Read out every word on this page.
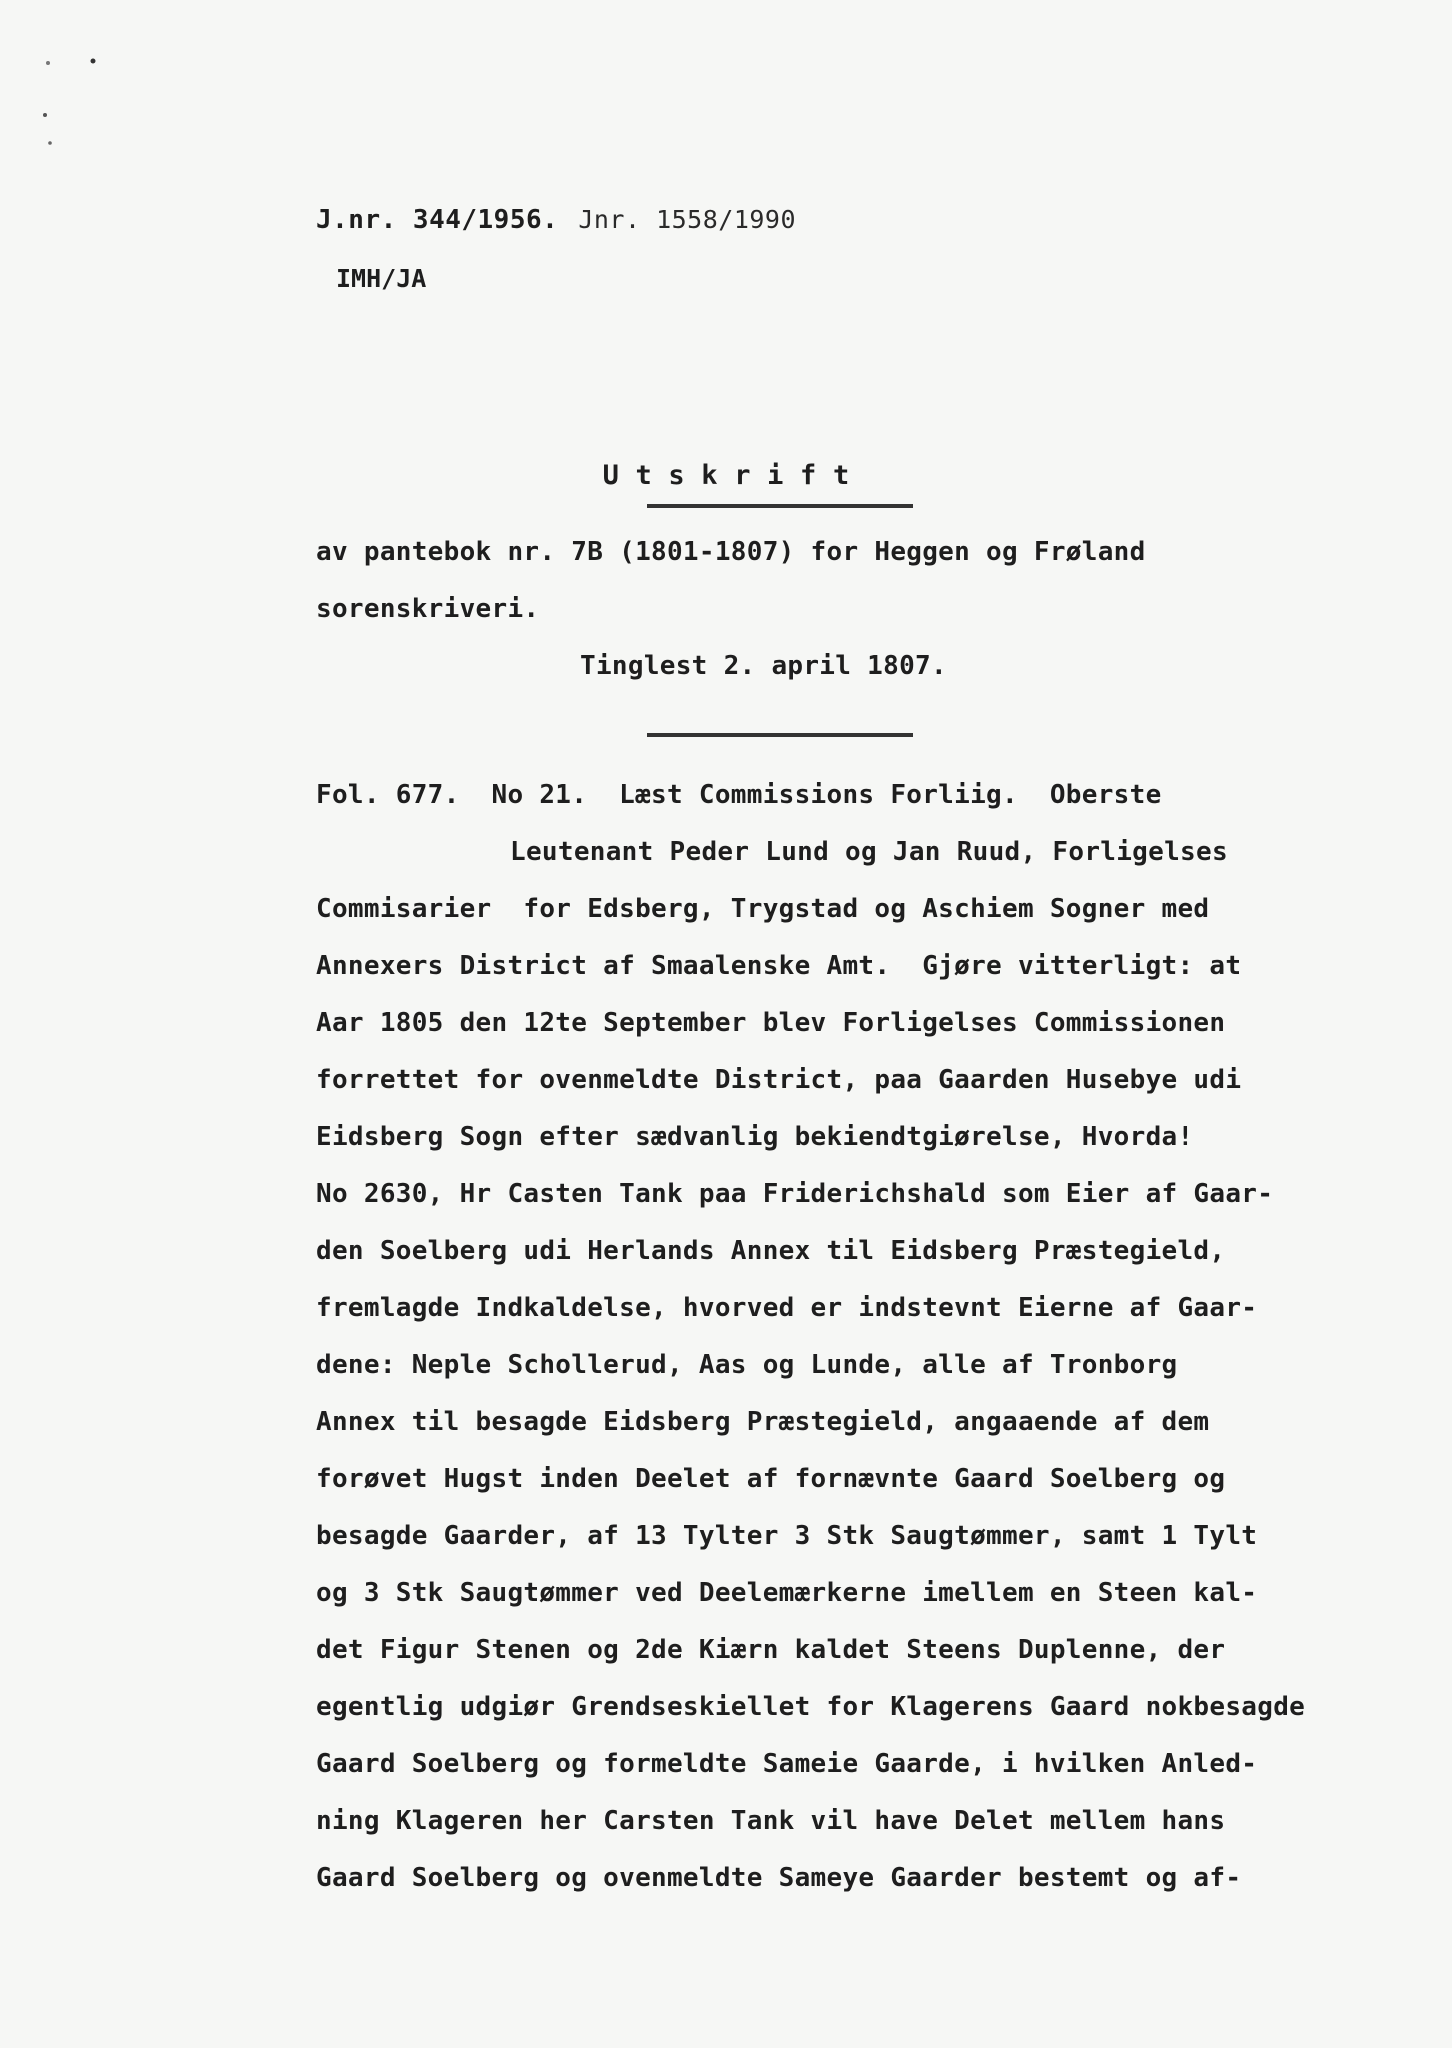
J.nr. 344/1956. Jnr. 1558/1990
IMH/JA
U t s k r i f t
av pantebok nr. 7B (1801-1807) for Heggen og Frøland
sorenskriveri.
Tinglest 2. april 1807.
Fol. 677.  No 21.  Læst Commissions Forliig.  Oberste
Leutenant Peder Lund og Jan Ruud, Forligelses
Commisarier  for Edsberg, Trygstad og Aschiem Sogner med
Annexers District af Smaalenske Amt.  Gjøre vitterligt: at
Aar 1805 den 12te September blev Forligelses Commissionen
forrettet for ovenmeldte District, paa Gaarden Husebye udi
Eidsberg Sogn efter sædvanlig bekiendtgiørelse, Hvorda!
No 2630, Hr Casten Tank paa Friderichshald som Eier af Gaar-
den Soelberg udi Herlands Annex til Eidsberg Præstegield,
fremlagde Indkaldelse, hvorved er indstevnt Eierne af Gaar-
dene: Neple Schollerud, Aas og Lunde, alle af Tronborg
Annex til besagde Eidsberg Præstegield, angaaende af dem
forøvet Hugst inden Deelet af fornævnte Gaard Soelberg og
besagde Gaarder, af 13 Tylter 3 Stk Saugtømmer, samt 1 Tylt
og 3 Stk Saugtømmer ved Deelemærkerne imellem en Steen kal-
det Figur Stenen og 2de Kiærn kaldet Steens Duplenne, der
egentlig udgiør Grendseskiellet for Klagerens Gaard nokbesagde
Gaard Soelberg og formeldte Sameie Gaarde, i hvilken Anled-
ning Klageren her Carsten Tank vil have Delet mellem hans
Gaard Soelberg og ovenmeldte Sameye Gaarder bestemt og af-
